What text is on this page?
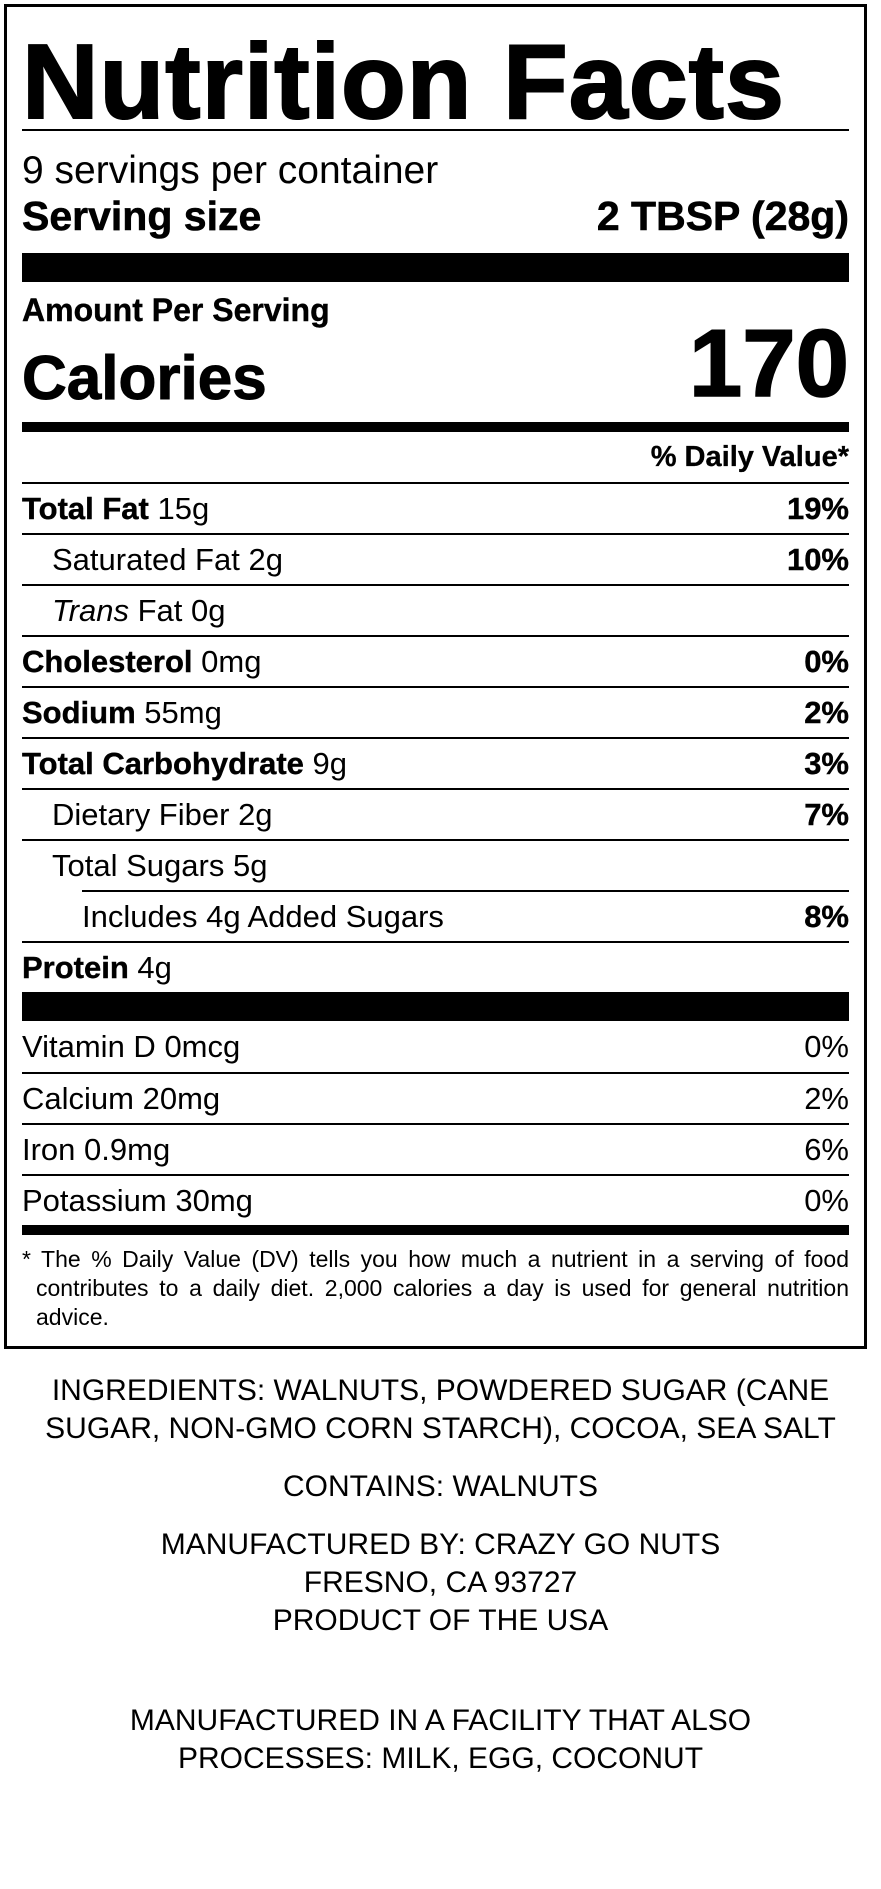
Nutrition Facts
9 servings per container
Serving size	2 TBSP (28g)
Amount Per Serving
Calories	170
% Daily Value*
Total Fat 15g	19%
Saturated Fat 2g	10%
Trans Fat 0g
Cholesterol 0mg	0%
Sodium 55mg	2%
Total Carbohydrate 9g	3%
Dietary Fiber 2g	7%
Total Sugars 5g
Includes 4g Added Sugars	8%
Protein 4g
Vitamin D 0mcg	0%
Calcium 20mg	2%
Iron 0.9mg	6%
Potassium 30mg	0%
* The % Daily Value (DV) tells you how much a nutrient in a serving of food contributes to a daily diet. 2,000 calories a day is used for general nutrition advice.

INGREDIENTS: WALNUTS, POWDERED SUGAR (CANE SUGAR, NON-GMO CORN STARCH), COCOA, SEA SALT

CONTAINS: WALNUTS

MANUFACTURED BY: CRAZY GO NUTS

FRESNO, CA 93727

PRODUCT OF THE USA

MANUFACTURED IN A FACILITY THAT ALSO

PROCESSES: MILK, EGG, COCONUT
